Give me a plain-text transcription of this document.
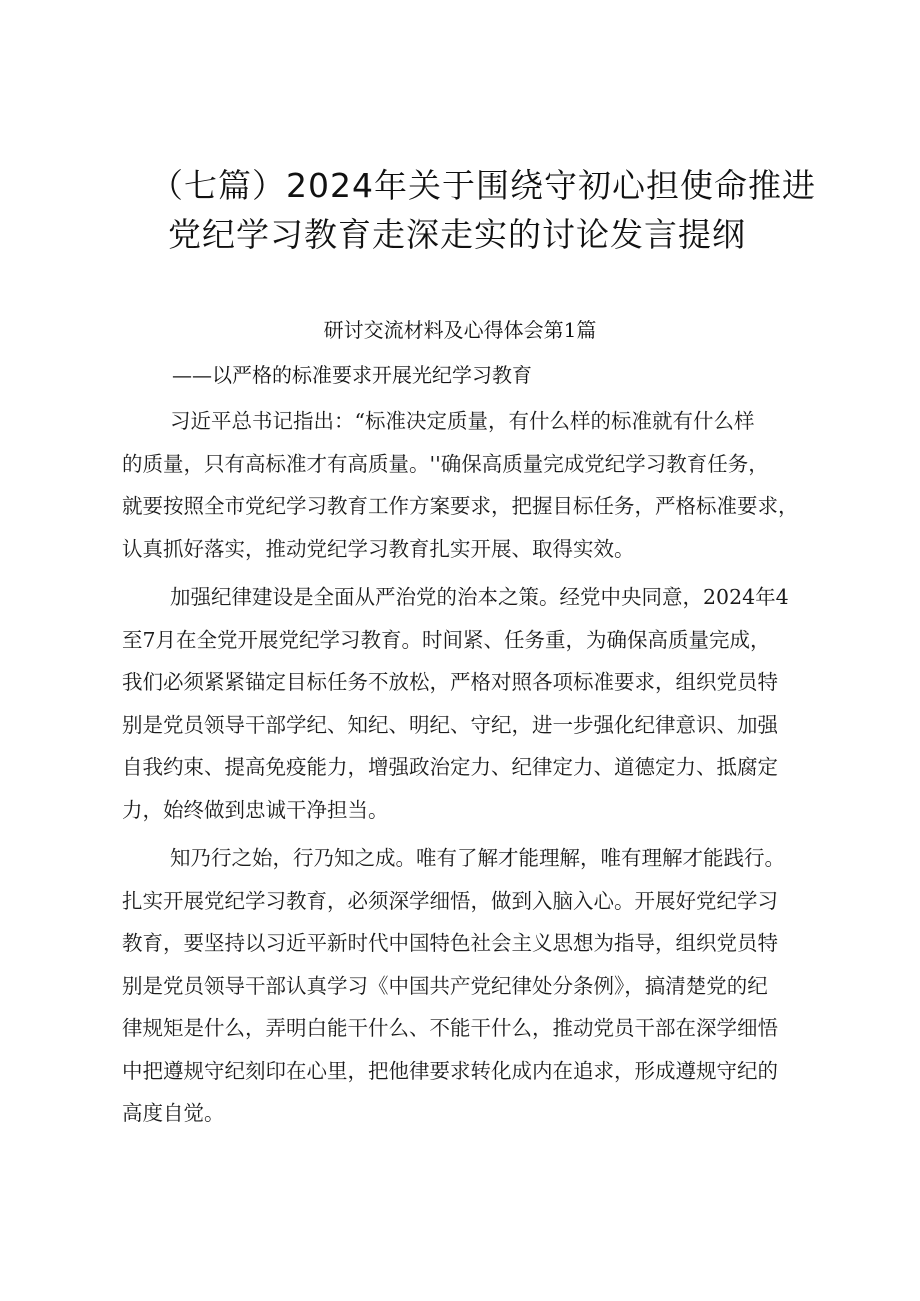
（七篇）2024年关于围绕守初心担使命推进
党纪学习教育走深走实的讨论发言提纲

研讨交流材料及心得体会第1篇

——以严格的标准要求开展光纪学习教育

习近平总书记指出：“标准决定质量，有什么样的标准就有什么样
的质量，只有高标准才有高质量。''确保高质量完成党纪学习教育任务，
就要按照全市党纪学习教育工作方案要求，把握目标任务，严格标准要求，
认真抓好落实，推动党纪学习教育扎实开展、取得实效。
加强纪律建设是全面从严治党的治本之策。经党中央同意，2024年4
至7月在全党开展党纪学习教育。时间紧、任务重，为确保高质量完成，
我们必须紧紧锚定目标任务不放松，严格对照各项标准要求，组织党员特
别是党员领导干部学纪、知纪、明纪、守纪，进一步强化纪律意识、加强
自我约束、提高免疫能力，增强政治定力、纪律定力、道德定力、抵腐定
力，始终做到忠诚干净担当。
知乃行之始，行乃知之成。唯有了解才能理解，唯有理解才能践行。
扎实开展党纪学习教育，必须深学细悟，做到入脑入心。开展好党纪学习
教育，要坚持以习近平新时代中国特色社会主义思想为指导，组织党员特
别是党员领导干部认真学习《中国共产党纪律处分条例》，搞清楚党的纪
律规矩是什么，弄明白能干什么、不能干什么，推动党员干部在深学细悟
中把遵规守纪刻印在心里，把他律要求转化成内在追求，形成遵规守纪的
高度自觉。
